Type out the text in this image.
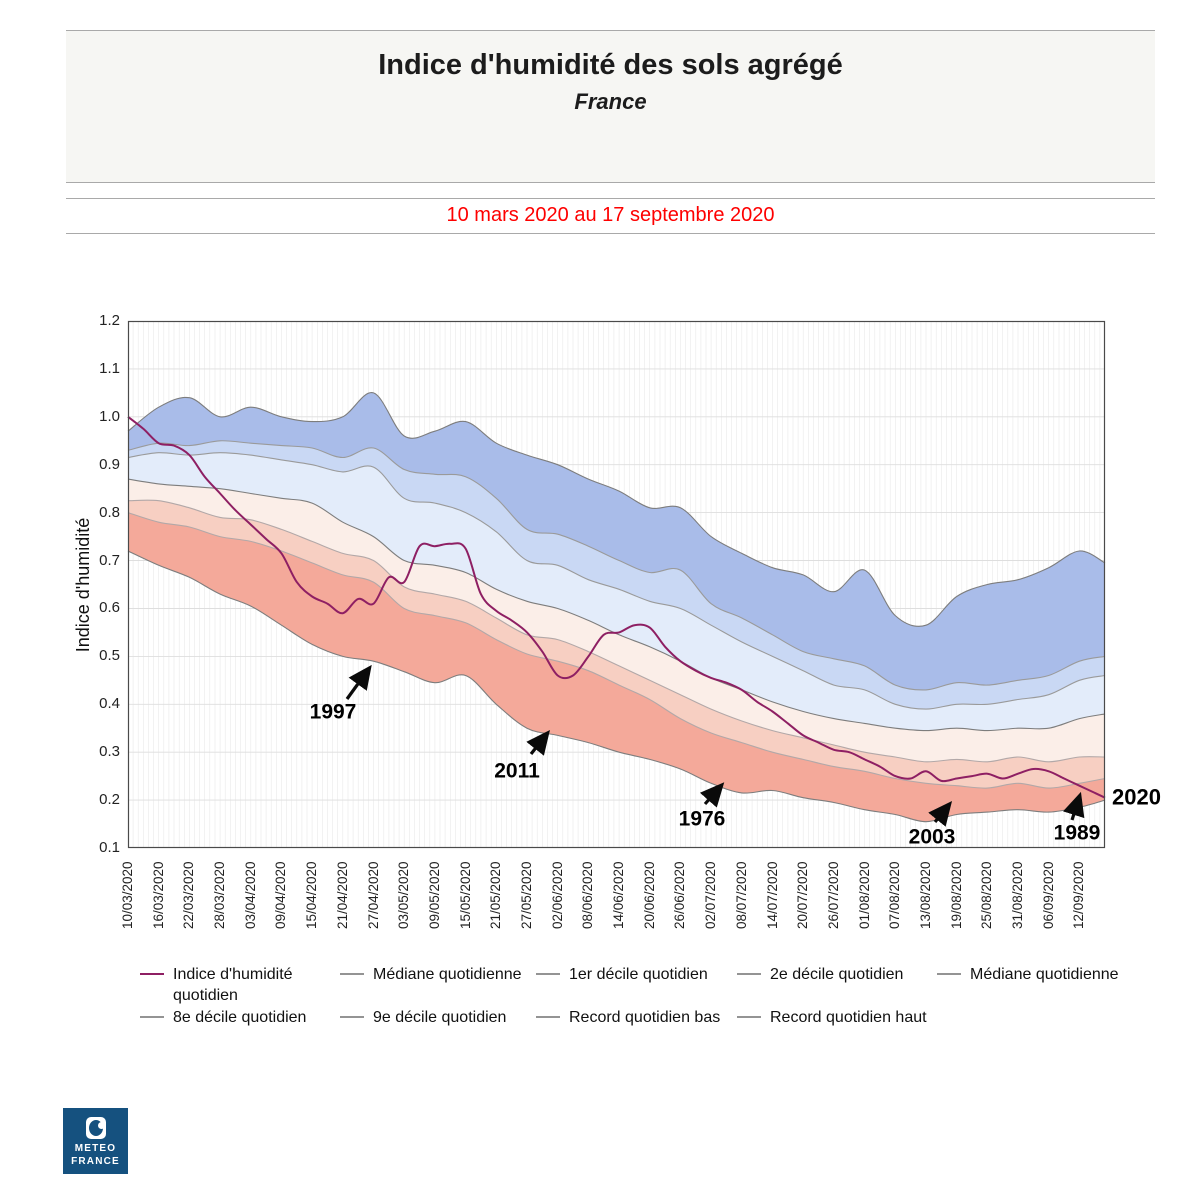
Indice d'humidité des sols agrégé
France
10 mars 2020 au 17 septembre 2020
Indice d'humidité
1.2
1.1
1.0
0.9
0.8
0.7
0.6
0.5
0.4
0.3
0.2
0.1
10/03/2020 16/03/2020 22/03/2020 28/03/2020 03/04/2020 09/04/2020 15/04/2020 21/04/2020 27/04/2020 03/05/2020 09/05/2020 15/05/2020 21/05/2020 27/05/2020 02/06/2020 08/06/2020 14/06/2020 20/06/2020 26/06/2020 02/07/2020 08/07/2020 14/07/2020 20/07/2020 26/07/2020 01/08/2020 07/08/2020 13/08/2020 19/08/2020 25/08/2020 31/08/2020 06/09/2020 12/09/2020
1997
2011
1976
2003	1989
2020
Indice d'humidité quotidien
Médiane quotidienne	1er décile quotidien	2e décile quotidien	Médiane quotidienne
8e décile quotidien	9e décile quotidien	Record quotidien bas	Record quotidien haut
METEO
FRANCE
